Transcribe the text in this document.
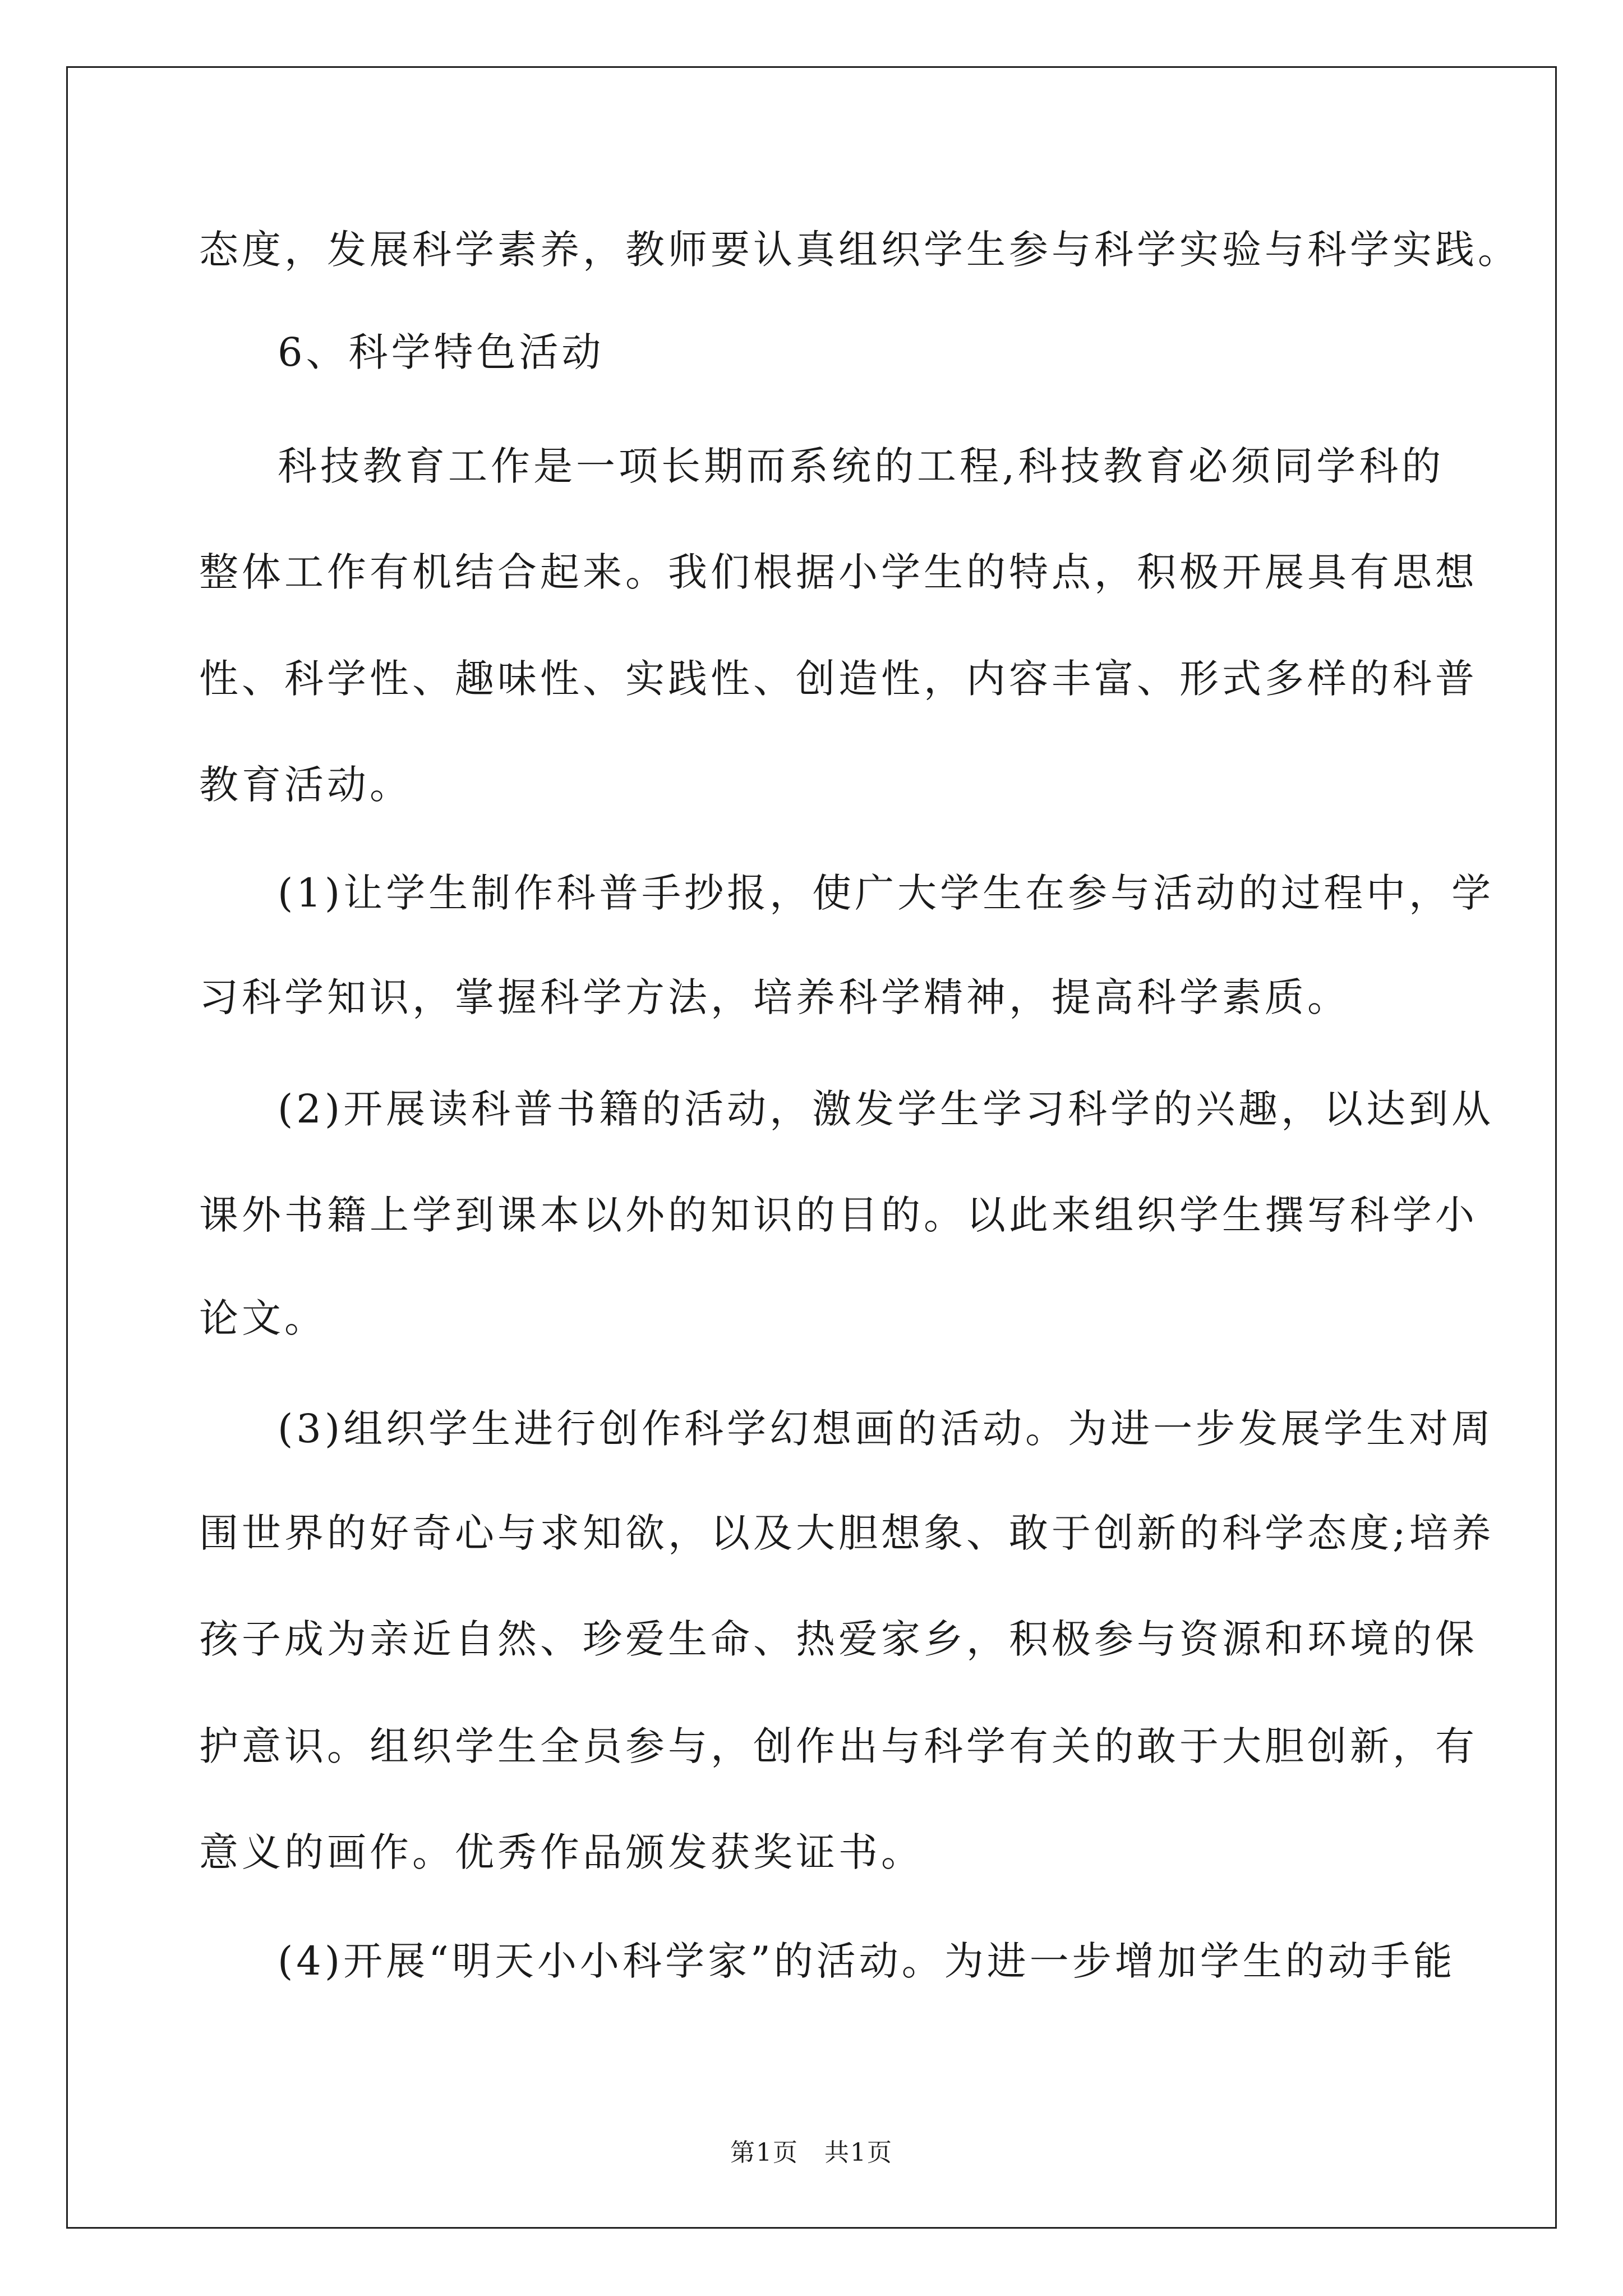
态度，发展科学素养，教师要认真组织学生参与科学实验与科学实践。
6、科学特色活动
科技教育工作是一项长期而系统的工程,科技教育必须同学科的
整体工作有机结合起来。我们根据小学生的特点，积极开展具有思想
性、科学性、趣味性、实践性、创造性，内容丰富、形式多样的科普
教育活动。
(1)让学生制作科普手抄报，使广大学生在参与活动的过程中，学
习科学知识，掌握科学方法，培养科学精神，提高科学素质。
(2)开展读科普书籍的活动，激发学生学习科学的兴趣，以达到从
课外书籍上学到课本以外的知识的目的。以此来组织学生撰写科学小
论文。
(3)组织学生进行创作科学幻想画的活动。为进一步发展学生对周
围世界的好奇心与求知欲，以及大胆想象、敢于创新的科学态度;培养
孩子成为亲近自然、珍爱生命、热爱家乡，积极参与资源和环境的保
护意识。组织学生全员参与，创作出与科学有关的敢于大胆创新，有
意义的画作。优秀作品颁发获奖证书。
(4)开展“明天小小科学家”的活动。为进一步增加学生的动手能
第1页　共1页
